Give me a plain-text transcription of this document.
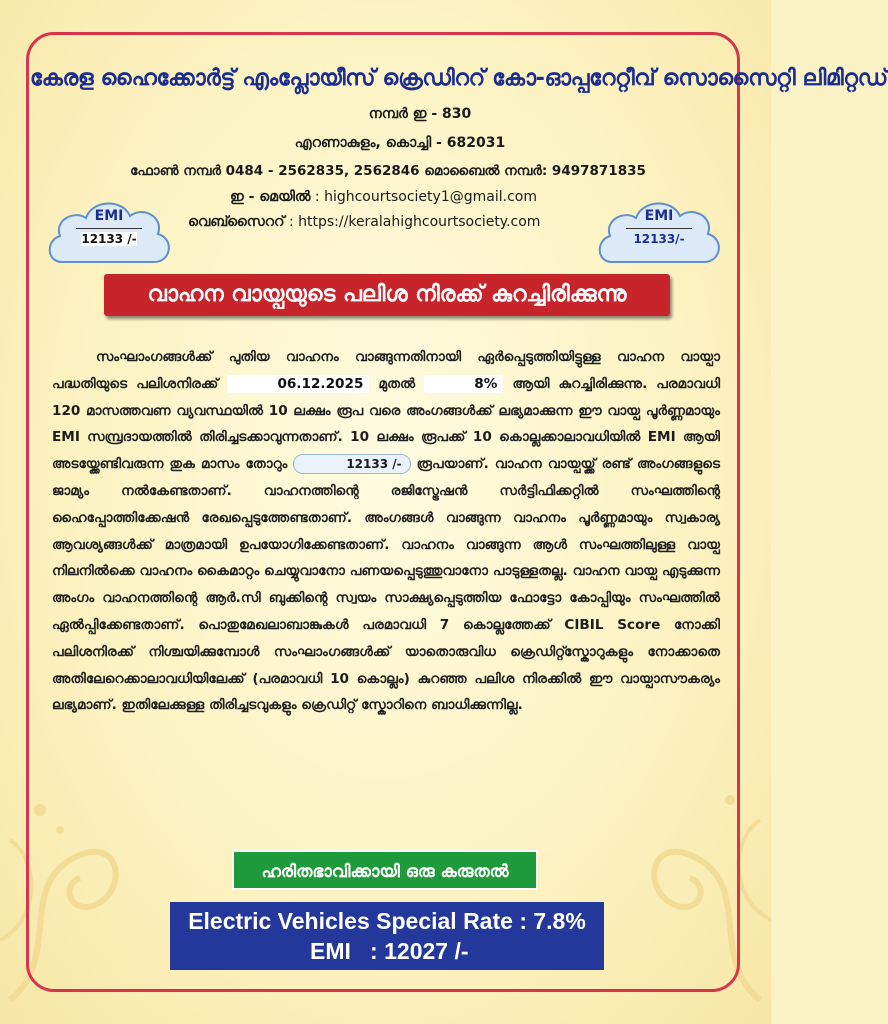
കേരള ഹൈക്കോർട്ട് എംപ്ലോയീസ് ക്രെഡിററ് കോ-ഓപ്പറേറ്റീവ് സൊസൈറ്റി ലിമിറ്റഡ്
നമ്പർ ഇ - 830
എറണാകുളം, കൊച്ചി - 682031
ഫോൺ നമ്പർ 0484 - 2562835, 2562846 മൊബൈൽ നമ്പർ: 9497871835
ഇ - മെയിൽ : highcourtsociety1@gmail.com
വെബ്സൈററ് : https://keralahighcourtsociety.com
EMI
12133 /-
EMI
12133/-
വാഹന വായ്പയുടെ പലിശ നിരക്ക് കുറച്ചിരിക്കുന്നു

സംഘാംഗങ്ങൾക്ക് പുതിയ വാഹനം വാങ്ങുന്നതിനായി ഏർപ്പെടുത്തിയിട്ടുള്ള വാഹന വായ്പാ പദ്ധതിയുടെ പലിശനിരക്ക്	06.12.2025 മുതൽ	8% ആയി കുറച്ചിരിക്കുന്നു. പരമാവധി 120 മാസത്തവണ വ്യവസ്ഥയിൽ 10 ലക്ഷം രൂപ വരെ അംഗങ്ങൾക്ക് ലഭ്യമാക്കുന്ന ഈ വായ്പ പൂർണ്ണമായും EMI സമ്പ്രദായത്തിൽ തിരിച്ചടക്കാവുന്നതാണ്. 10 ലക്ഷം രൂപക്ക് 10 കൊല്ലക്കാലാവധിയിൽ EMI ആയി അടയ്ക്കേണ്ടിവരുന്ന തുക മാസം തോറും	12133 /- രൂപയാണ്. വാഹന വായ്പയ്ക്ക് രണ്ട് അംഗങ്ങളുടെ ജാമ്യം നൽകേണ്ടതാണ്. വാഹനത്തിന്റെ രജിസ്ട്രേഷൻ സർട്ടിഫിക്കറ്റിൽ സംഘത്തിന്റെ ഹൈപ്പോത്തിക്കേഷൻ രേഖപ്പെടുത്തേണ്ടതാണ്. അംഗങ്ങൾ വാങ്ങുന്ന വാഹനം പൂർണ്ണമായും സ്വകാര്യ ആവശ്യങ്ങൾക്ക് മാത്രമായി ഉപയോഗിക്കേണ്ടതാണ്. വാഹനം വാങ്ങുന്ന ആൾ സംഘത്തിലുള്ള വായ്പ നിലനിൽക്കെ വാഹനം കൈമാറ്റം ചെയ്യുവാനോ പണയപ്പെടുത്തുവാനോ പാടുള്ളതല്ല. വാഹന വായ്പ എടുക്കുന്ന അംഗം വാഹനത്തിന്റെ ആർ.സി ബുക്കിന്റെ സ്വയം സാക്ഷ്യപ്പെടുത്തിയ ഫോട്ടോ കോപ്പിയും സംഘത്തിൽ ഏൽപ്പിക്കേണ്ടതാണ്. പൊതുമേഖലാബാങ്കുകൾ പരമാവധി 7 കൊല്ലത്തേക്ക് CIBIL Score നോക്കി പലിശനിരക്ക് നിശ്ചയിക്കുമ്പോൾ സംഘാംഗങ്ങൾക്ക് യാതൊരുവിധ ക്രെഡിറ്റ്സ്കോറുകളും നോക്കാതെ അതിലേറെക്കാലാവധിയിലേക്ക് (പരമാവധി 10 കൊല്ലം) കുറഞ്ഞ പലിശ നിരക്കിൽ ഈ വായ്പാസൗകര്യം ലഭ്യമാണ്. ഇതിലേക്കുള്ള തിരിച്ചടവുകളും ക്രെഡിറ്റ് സ്കോറിനെ ബാധിക്കുന്നില്ല.

ഹരിതഭാവിക്കായി ഒരു കരുതൽ
Electric Vehicles Special Rate : 7.8%
EMI   : 12027 /-
